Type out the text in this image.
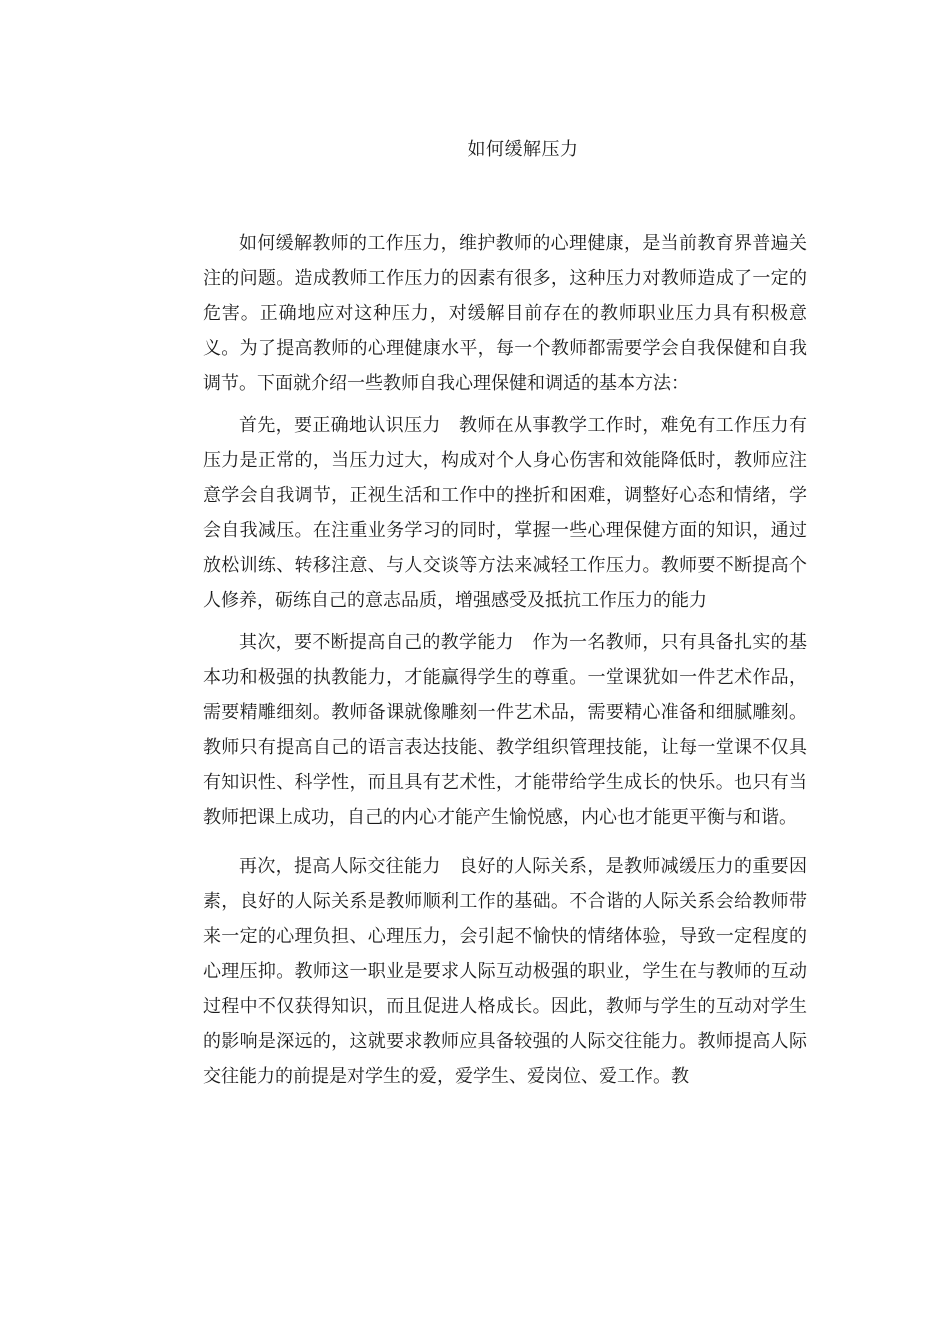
如何缓解压力

如何缓解教师的工作压力，维护教师的心理健康，是当前教育界普遍关注的问题。造成教师工作压力的因素有很多，这种压力对教师造成了一定的危害。正确地应对这种压力，对缓解目前存在的教师职业压力具有积极意义。为了提高教师的心理健康水平，每一个教师都需要学会自我保健和自我调节。下面就介绍一些教师自我心理保健和调适的基本方法：

首先，要正确地认识压力　教师在从事教学工作时，难免有工作压力有压力是正常的，当压力过大，构成对个人身心伤害和效能降低时，教师应注意学会自我调节，正视生活和工作中的挫折和困难，调整好心态和情绪，学会自我减压。在注重业务学习的同时，掌握一些心理保健方面的知识，通过放松训练、转移注意、与人交谈等方法来减轻工作压力。教师要不断提高个人修养，砺练自己的意志品质，增强感受及抵抗工作压力的能力

其次，要不断提高自己的教学能力　作为一名教师，只有具备扎实的基本功和极强的执教能力，才能赢得学生的尊重。一堂课犹如一件艺术作品，需要精雕细刻。教师备课就像雕刻一件艺术品，需要精心准备和细腻雕刻。教师只有提高自己的语言表达技能、教学组织管理技能，让每一堂课不仅具有知识性、科学性，而且具有艺术性，才能带给学生成长的快乐。也只有当教师把课上成功，自己的内心才能产生愉悦感，内心也才能更平衡与和谐。

再次，提高人际交往能力　良好的人际关系，是教师减缓压力的重要因素，良好的人际关系是教师顺利工作的基础。不合谐的人际关系会给教师带来一定的心理负担、心理压力，会引起不愉快的情绪体验，导致一定程度的心理压抑。教师这一职业是要求人际互动极强的职业，学生在与教师的互动过程中不仅获得知识，而且促进人格成长。因此，教师与学生的互动对学生的影响是深远的，这就要求教师应具备较强的人际交往能力。教师提高人际交往能力的前提是对学生的爱，爱学生、爱岗位、爱工作。教
